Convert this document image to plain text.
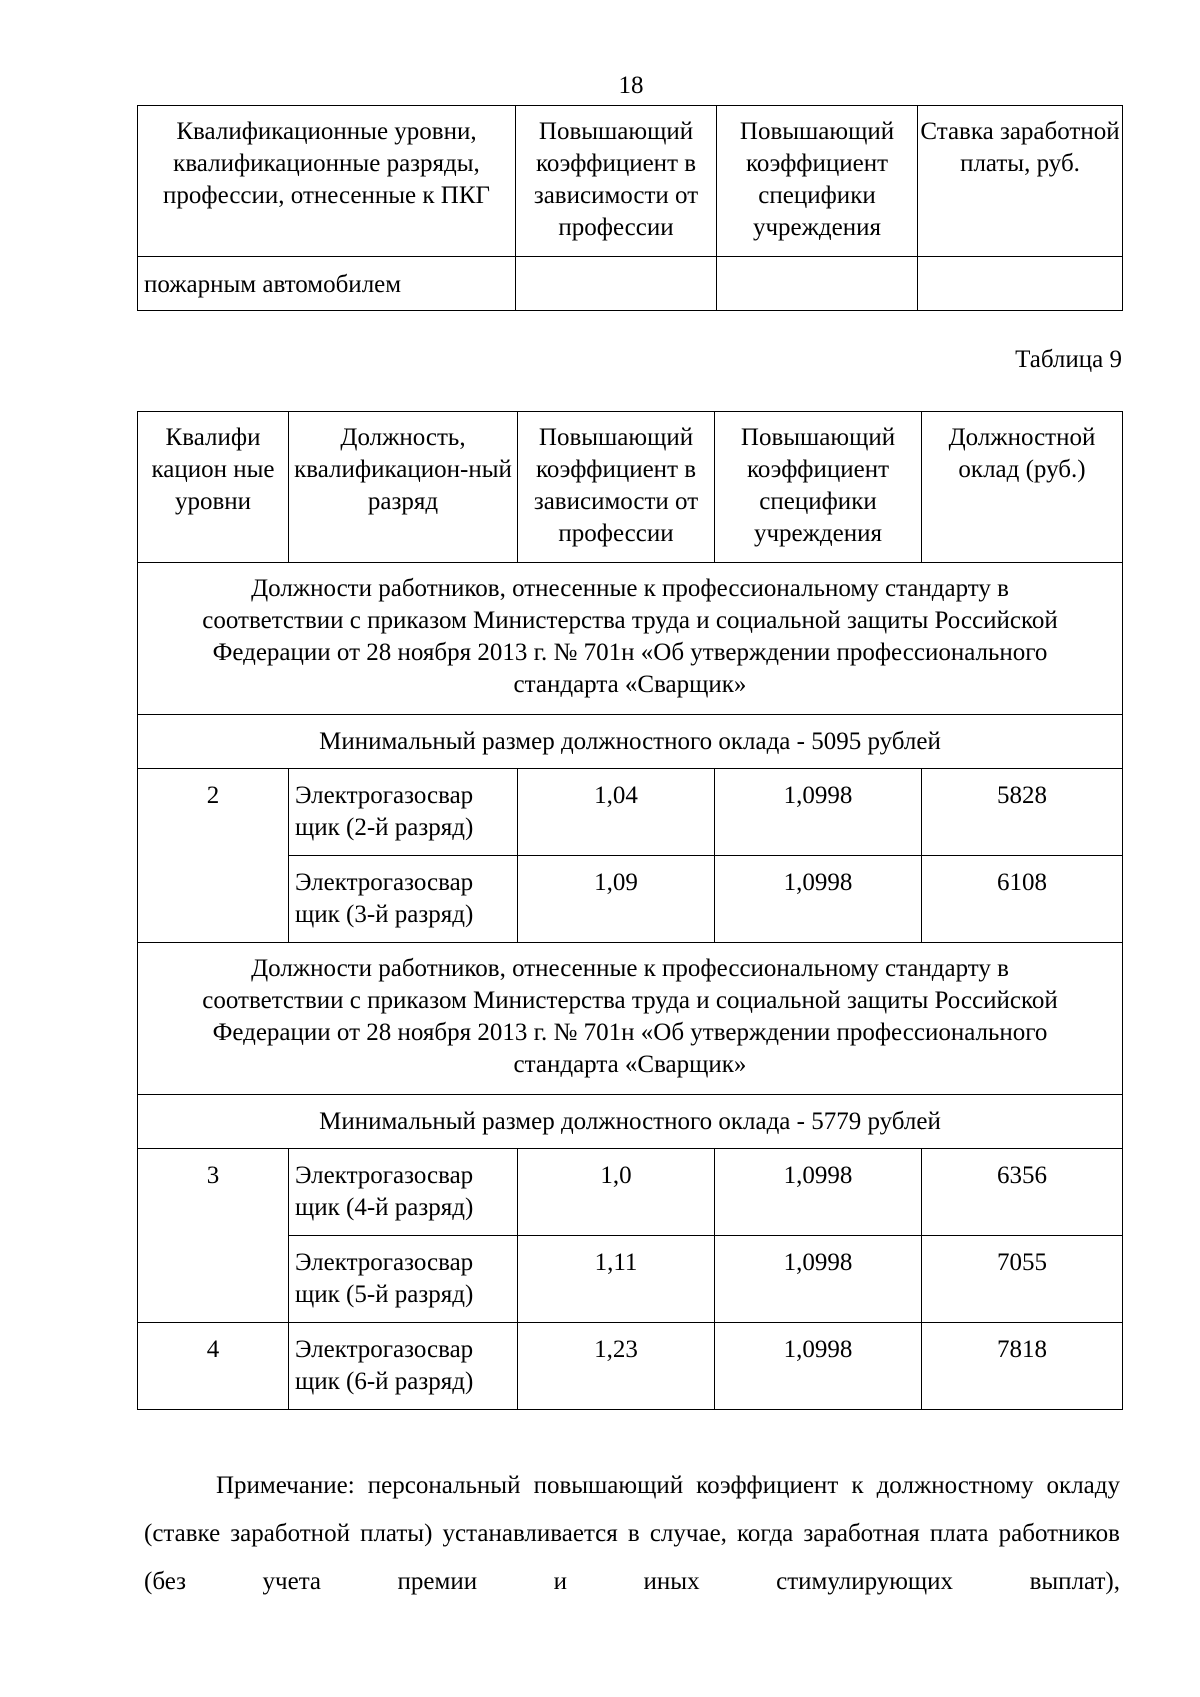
18
Квалификационные уровни, квалификационные разряды, профессии, отнесенные к ПКГ	Повышающий коэффициент в зависимости от профессии	Повышающий коэффициент специфики учреждения	Ставка заработной платы, руб.
пожарным автомобилем			
Таблица 9
Квалифи кацион ные уровни	Должность, квалификацион-ный разряд	Повышающий коэффициент в зависимости от профессии	Повышающий коэффициент специфики учреждения	Должностной оклад (руб.)
Должности работников, отнесенные к профессиональному стандарту в соответствии с приказом Министерства труда и социальной защиты Российской Федерации от 28 ноября 2013 г. № 701н «Об утверждении профессионального стандарта «Сварщик»				
Минимальный размер должностного оклада - 5095 рублей				
2	Электрогазосвар щик (2-й разряд)	1,04	1,0998	5828
	Электрогазосвар щик (3-й разряд)	1,09	1,0998	6108
Должности работников, отнесенные к профессиональному стандарту в соответствии с приказом Министерства труда и социальной защиты Российской Федерации от 28 ноября 2013 г. № 701н «Об утверждении профессионального стандарта «Сварщик»				
Минимальный размер должностного оклада - 5779 рублей				
3	Электрогазосвар щик (4-й разряд)	1,0	1,0998	6356
	Электрогазосвар щик (5-й разряд)	1,11	1,0998	7055
4	Электрогазосвар щик (6-й разряд)	1,23	1,0998	7818
Примечание: персональный повышающий коэффициент к должностному окладу (ставке заработной платы) устанавливается в случае, когда заработная плата работников (без учета премии и иных стимулирующих выплат),
